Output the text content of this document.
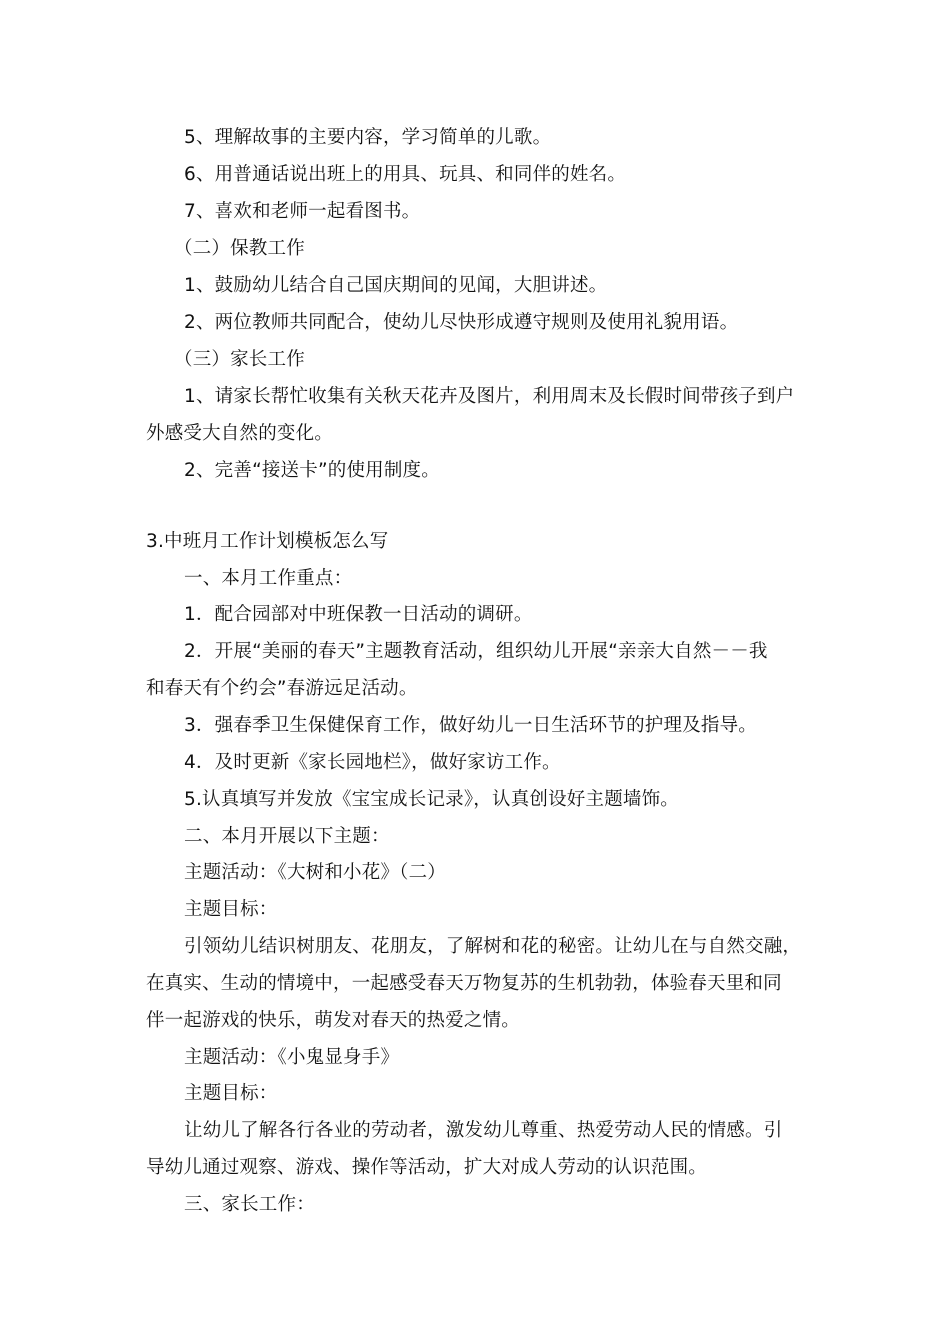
5、理解故事的主要内容，学习简单的儿歌。
6、用普通话说出班上的用具、玩具、和同伴的姓名。
7、喜欢和老师一起看图书。
（二）保教工作
1、鼓励幼儿结合自己国庆期间的见闻，大胆讲述。
2、两位教师共同配合，使幼儿尽快形成遵守规则及使用礼貌用语。
（三）家长工作
1、请家长帮忙收集有关秋天花卉及图片，利用周末及长假时间带孩子到户
外感受大自然的变化。
2、完善“接送卡”的使用制度。
3.中班月工作计划模板怎么写
一、本月工作重点：
1．配合园部对中班保教一日活动的调研。
2．开展“美丽的春天”主题教育活动，组织幼儿开展“亲亲大自然－－我
和春天有个约会”春游远足活动。
3．强春季卫生保健保育工作，做好幼儿一日生活环节的护理及指导。
4．及时更新《家长园地栏》，做好家访工作。
5.认真填写并发放《宝宝成长记录》，认真创设好主题墙饰。
二、本月开展以下主题：
主题活动：《大树和小花》（二）
主题目标：
引领幼儿结识树朋友、花朋友，了解树和花的秘密。让幼儿在与自然交融，
在真实、生动的情境中，一起感受春天万物复苏的生机勃勃，体验春天里和同
伴一起游戏的快乐，萌发对春天的热爱之情。
主题活动：《小鬼显身手》
主题目标：
让幼儿了解各行各业的劳动者，激发幼儿尊重、热爱劳动人民的情感。引
导幼儿通过观察、游戏、操作等活动，扩大对成人劳动的认识范围。
三、家长工作：
